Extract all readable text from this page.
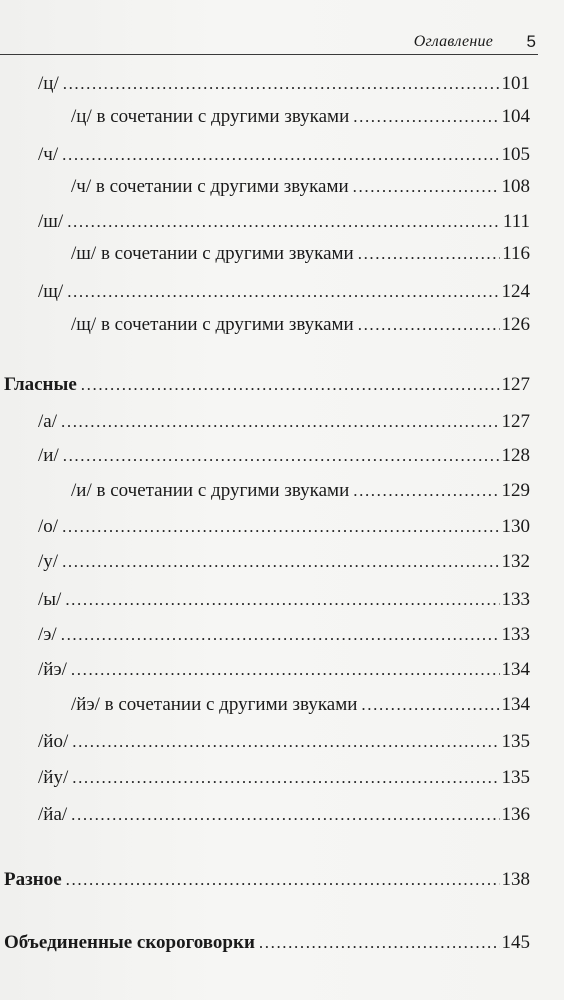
Оглавление 5
/ц/ .....	101
/ц/ в сочетании с другими звуками .....	104
/ч/ .....	105
/ч/ в сочетании с другими звуками .....	108
/ш/ .....	111
/ш/ в сочетании с другими звуками .....	116
/щ/ .....	124
/щ/ в сочетании с другими звуками .....	126
Гласные .....	127
/а/ .....	127
/и/ .....	128
/и/ в сочетании с другими звуками .....	129
/о/ .....	130
/у/ .....	132
/ы/ .....	133
/э/ .....	133
/йэ/ .....	134
/йэ/ в сочетании с другими звуками .....	134
/йо/ .....	135
/йу/ .....	135
/йа/ .....	136
Разное .....	138
Объединенные скороговорки .....	145
